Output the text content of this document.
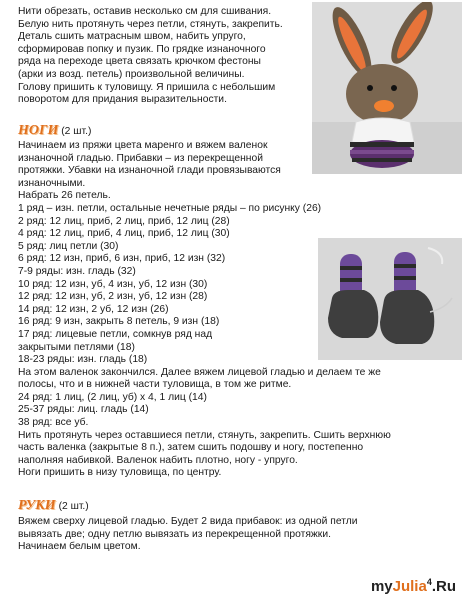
Нити обрезать, оставив несколько см для сшивания.
Белую нить протянуть через петли, стянуть, закрепить.
Деталь сшить матрасным швом, набить упруго,
сформировав попку и пузик. По грядке изнаночного
ряда на переходе цвета связать крючком фестоны
(арки из возд. петель) произвольной величины.
Голову пришить к туловищу. Я пришила с небольшим
поворотом для придания выразительности.
НОГИ (2 шт.)
Начинаем из пряжи цвета маренго и вяжем валенок
изнаночной гладью. Прибавки – из перекрещенной
протяжки. Убавки на изнаночной глади провязываются
изнаночными.
Набрать 26 петель.
1 ряд – изн. петли, остальные нечетные ряды – по рисунку (26)
2 ряд: 12 лиц, приб, 2 лиц, приб, 12 лиц (28)
4 ряд: 12 лиц, приб, 4 лиц, приб, 12 лиц (30)
5 ряд: лиц петли (30)
6 ряд: 12 изн, приб, 6 изн, приб, 12 изн (32)
7-9 ряды: изн. гладь (32)
10 ряд: 12 изн, уб, 4 изн, уб, 12 изн (30)
12 ряд: 12 изн, уб, 2 изн, уб, 12 изн (28)
14 ряд: 12 изн, 2 уб, 12 изн (26)
16 ряд: 9 изн, закрыть 8 петель, 9 изн (18)
17 ряд: лицевые петли, сомкнув ряд над
закрытыми петлями (18)
18-23 ряды: изн. гладь (18)
На этом валенок закончился. Далее вяжем лицевой гладью и делаем те же
полосы, что и в нижней части туловища, в том же ритме.
24 ряд: 1 лиц, (2 лиц, уб) х 4, 1 лиц (14)
25-37 ряды: лиц. гладь (14)
38 ряд: все уб.
Нить протянуть через оставшиеся петли, стянуть, закрепить. Сшить верхнюю
часть валенка (закрытые 8 п.), затем сшить подошву и ногу, постепенно
наполняя набивкой. Валенок набить плотно, ногу - упруго.
Ноги пришить в низу туловища, по центру.
РУКИ (2 шт.)
Вяжем сверху лицевой гладью. Будет 2 вида прибавок: из одной петли
вывязать две; одну петлю вывязать из перекрещенной протяжки.
Начинаем белым цветом.
myJulia$^4$.Ru
